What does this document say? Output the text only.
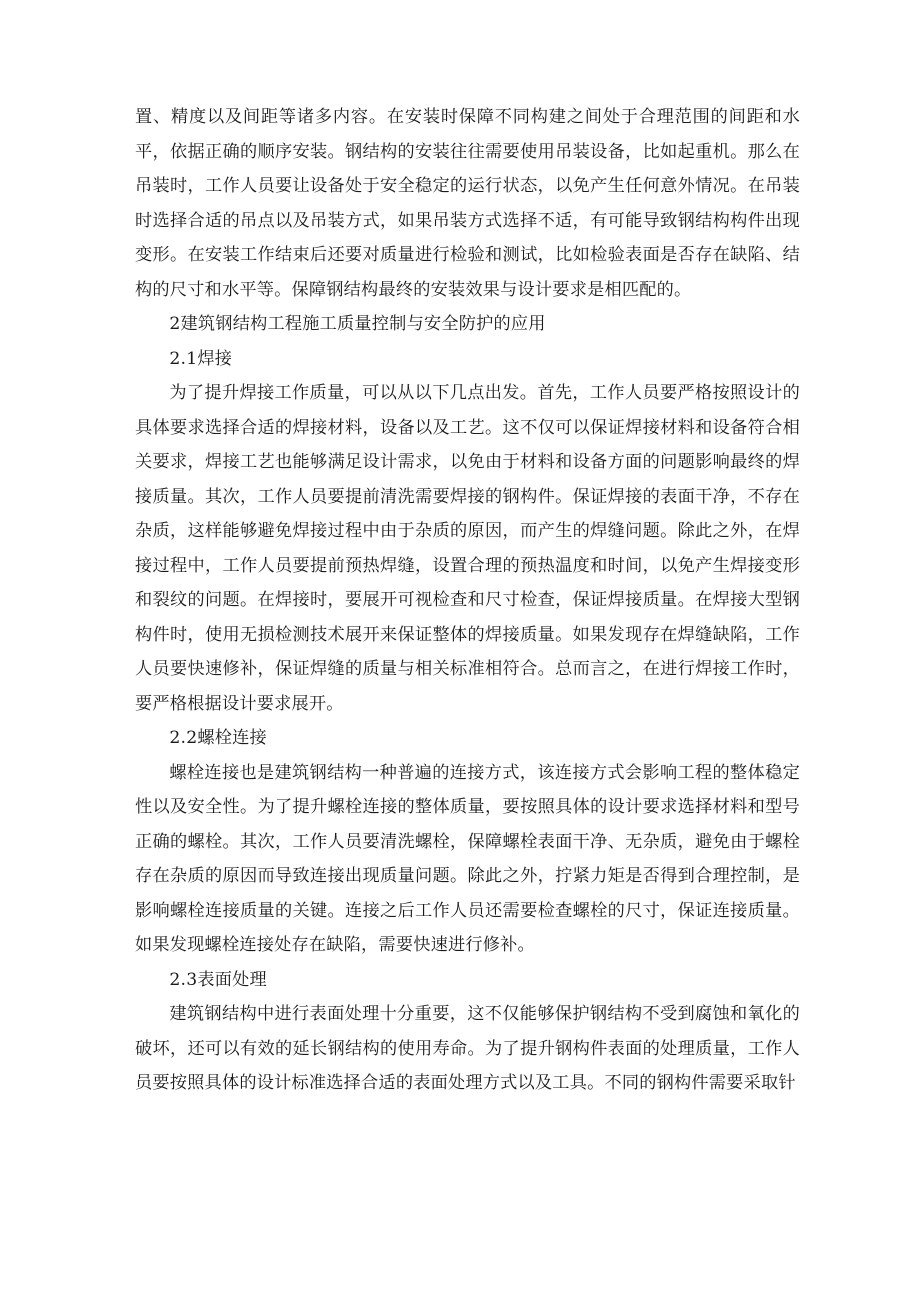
置、精度以及间距等诸多内容。在安装时保障不同构建之间处于合理范围的间距和水平，依据正确的顺序安装。钢结构的安装往往需要使用吊装设备，比如起重机。那么在吊装时，工作人员要让设备处于安全稳定的运行状态，以免产生任何意外情况。在吊装时选择合适的吊点以及吊装方式，如果吊装方式选择不适，有可能导致钢结构构件出现变形。在安装工作结束后还要对质量进行检验和测试，比如检验表面是否存在缺陷、结构的尺寸和水平等。保障钢结构最终的安装效果与设计要求是相匹配的。

2建筑钢结构工程施工质量控制与安全防护的应用
2.1焊接

为了提升焊接工作质量，可以从以下几点出发。首先，工作人员要严格按照设计的具体要求选择合适的焊接材料，设备以及工艺。这不仅可以保证焊接材料和设备符合相关要求，焊接工艺也能够满足设计需求，以免由于材料和设备方面的问题影响最终的焊接质量。其次，工作人员要提前清洗需要焊接的钢构件。保证焊接的表面干净，不存在杂质，这样能够避免焊接过程中由于杂质的原因，而产生的焊缝问题。除此之外，在焊接过程中，工作人员要提前预热焊缝，设置合理的预热温度和时间，以免产生焊接变形和裂纹的问题。在焊接时，要展开可视检查和尺寸检查，保证焊接质量。在焊接大型钢构件时，使用无损检测技术展开来保证整体的焊接质量。如果发现存在焊缝缺陷，工作人员要快速修补，保证焊缝的质量与相关标准相符合。总而言之，在进行焊接工作时，要严格根据设计要求展开。

2.2螺栓连接

螺栓连接也是建筑钢结构一种普遍的连接方式，该连接方式会影响工程的整体稳定性以及安全性。为了提升螺栓连接的整体质量，要按照具体的设计要求选择材料和型号正确的螺栓。其次，工作人员要清洗螺栓，保障螺栓表面干净、无杂质，避免由于螺栓存在杂质的原因而导致连接出现质量问题。除此之外，拧紧力矩是否得到合理控制，是影响螺栓连接质量的关键。连接之后工作人员还需要检查螺栓的尺寸，保证连接质量。如果发现螺栓连接处存在缺陷，需要快速进行修补。

2.3表面处理

建筑钢结构中进行表面处理十分重要，这不仅能够保护钢结构不受到腐蚀和氧化的破坏，还可以有效的延长钢结构的使用寿命。为了提升钢构件表面的处理质量，工作人员要按照具体的设计标准选择合适的表面处理方式以及工具。不同的钢构件需要采取针
